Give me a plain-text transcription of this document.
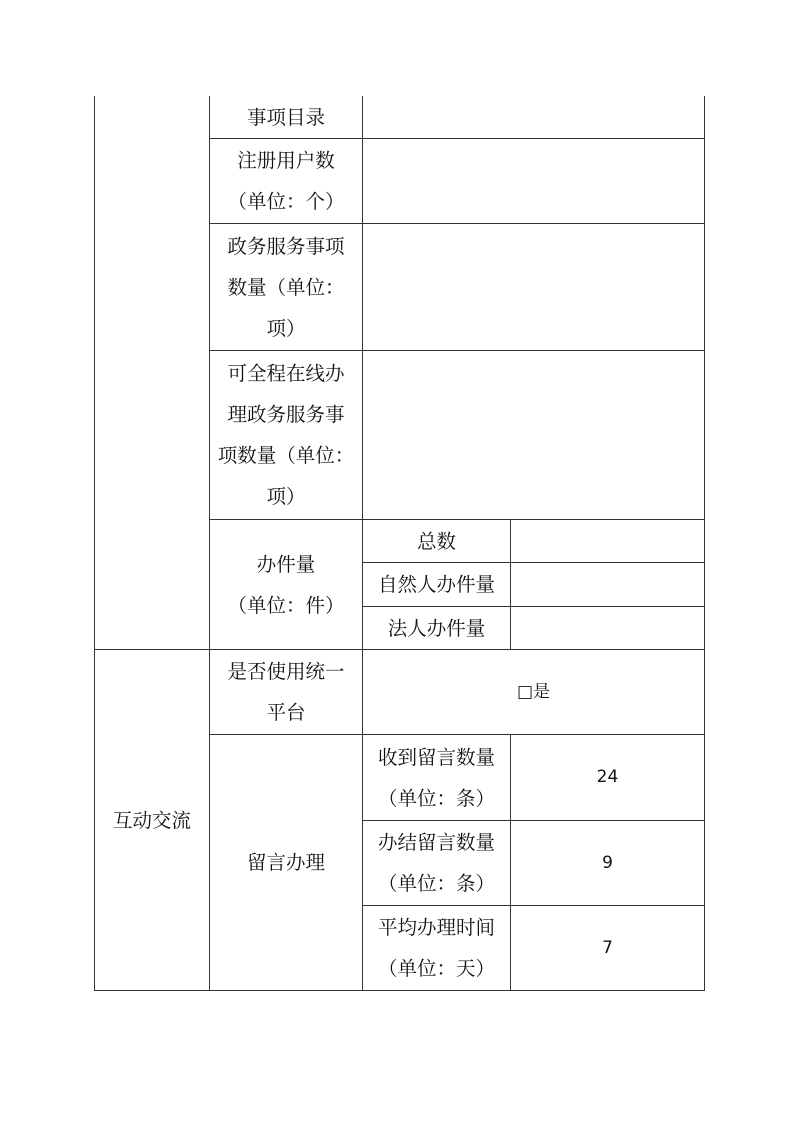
互动交流
事项目录
注册用户数
（单位：个）
政务服务事项
数量（单位：
项）
可全程在线办
理政务服务事
项数量（单位：
项）
办件量
（单位：件）
总数
自然人办件量
法人办件量
是否使用统一
平台
□是
留言办理
收到留言数量
（单位：条）
24
办结留言数量
（单位：条）
9
平均办理时间
（单位：天）
7
